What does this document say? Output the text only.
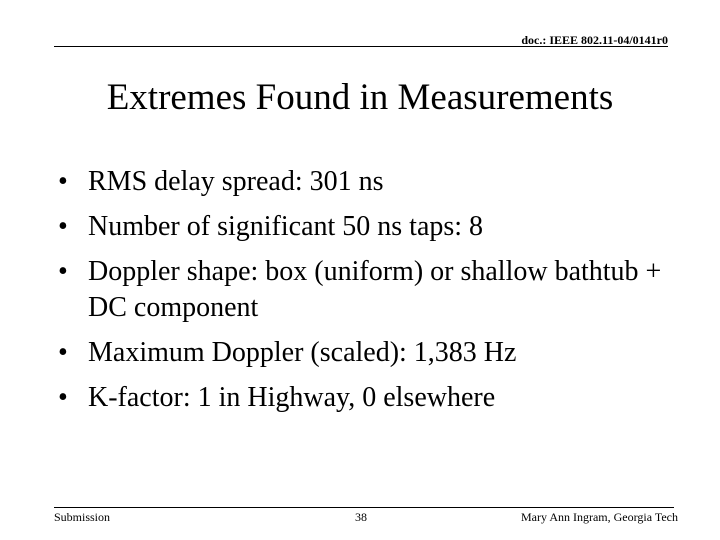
doc.: IEEE 802.11-04/0141r0
Extremes Found in Measurements
• RMS delay spread: 301 ns
• Number of significant 50 ns taps: 8
• Doppler shape: box (uniform) or shallow bathtub + DC component
• Maximum Doppler (scaled): 1,383 Hz
• K-factor: 1 in Highway, 0 elsewhere
Submission	38	Mary Ann Ingram, Georgia Tech
